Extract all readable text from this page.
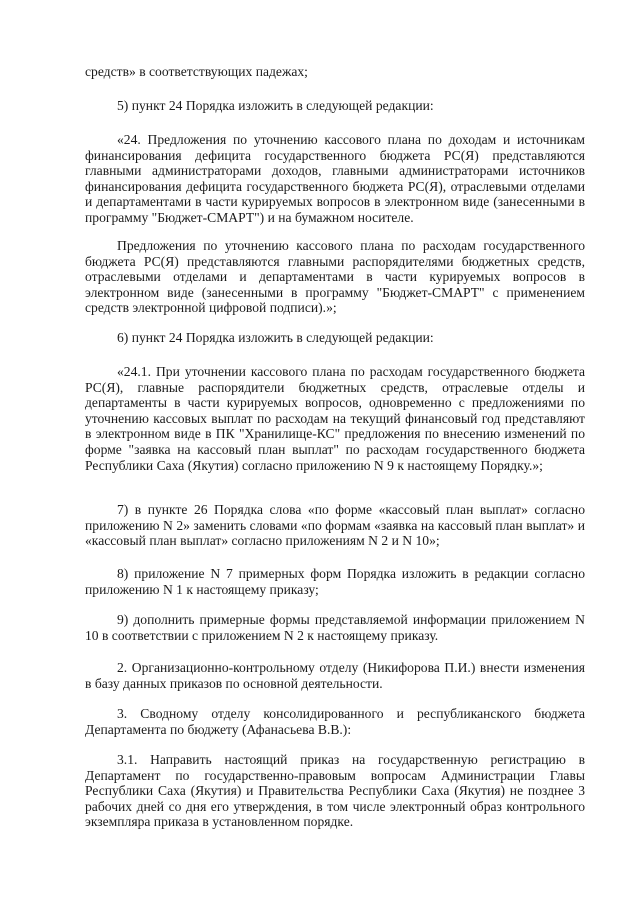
средств» в соответствующих падежах;

5) пункт 24 Порядка изложить в следующей редакции:

«24. Предложения по уточнению кассового плана по доходам и источникам финансирования дефицита государственного бюджета РС(Я) представляются главными администраторами доходов, главными администраторами источников финансирования дефицита государственного бюджета РС(Я), отраслевыми отделами и департаментами в части курируемых вопросов в электронном виде (занесенными в программу "Бюджет-СМАРТ") и на бумажном носителе.

Предложения по уточнению кассового плана по расходам государственного бюджета РС(Я) представляются главными распорядителями бюджетных средств, отраслевыми отделами и департаментами в части курируемых вопросов в электронном виде (занесенными в программу "Бюджет-СМАРТ" с применением средств электронной цифровой подписи).»;

6) пункт 24 Порядка изложить в следующей редакции:

«24.1. При уточнении кассового плана по расходам государственного бюджета РС(Я), главные распорядители бюджетных средств, отраслевые отделы и департаменты в части курируемых вопросов, одновременно с предложениями по уточнению кассовых выплат по расходам на текущий финансовый год представляют в электронном виде в ПК "Хранилище-КС" предложения по внесению изменений по форме "заявка на кассовый план выплат" по расходам государственного бюджета Республики Саха (Якутия) согласно приложению N 9 к настоящему Порядку.»;

7) в пункте 26 Порядка слова «по форме «кассовый план выплат» согласно приложению N 2» заменить словами «по формам «заявка на кассовый план выплат» и «кассовый план выплат» согласно приложениям N 2 и N 10»;

8) приложение N 7 примерных форм Порядка изложить в редакции согласно приложению N 1 к настоящему приказу;

9) дополнить примерные формы представляемой информации приложением N 10 в соответствии с приложением N 2 к настоящему приказу.

2. Организационно-контрольному отделу (Никифорова П.И.) внести изменения в базу данных приказов по основной деятельности.

3. Сводному отделу консолидированного и республиканского бюджета Департамента по бюджету (Афанасьева В.В.):

3.1. Направить настоящий приказ на государственную регистрацию в Департамент по государственно-правовым вопросам Администрации Главы Республики Саха (Якутия) и Правительства Республики Саха (Якутия) не позднее 3 рабочих дней со дня его утверждения, в том числе электронный образ контрольного экземпляра приказа в установленном порядке.
